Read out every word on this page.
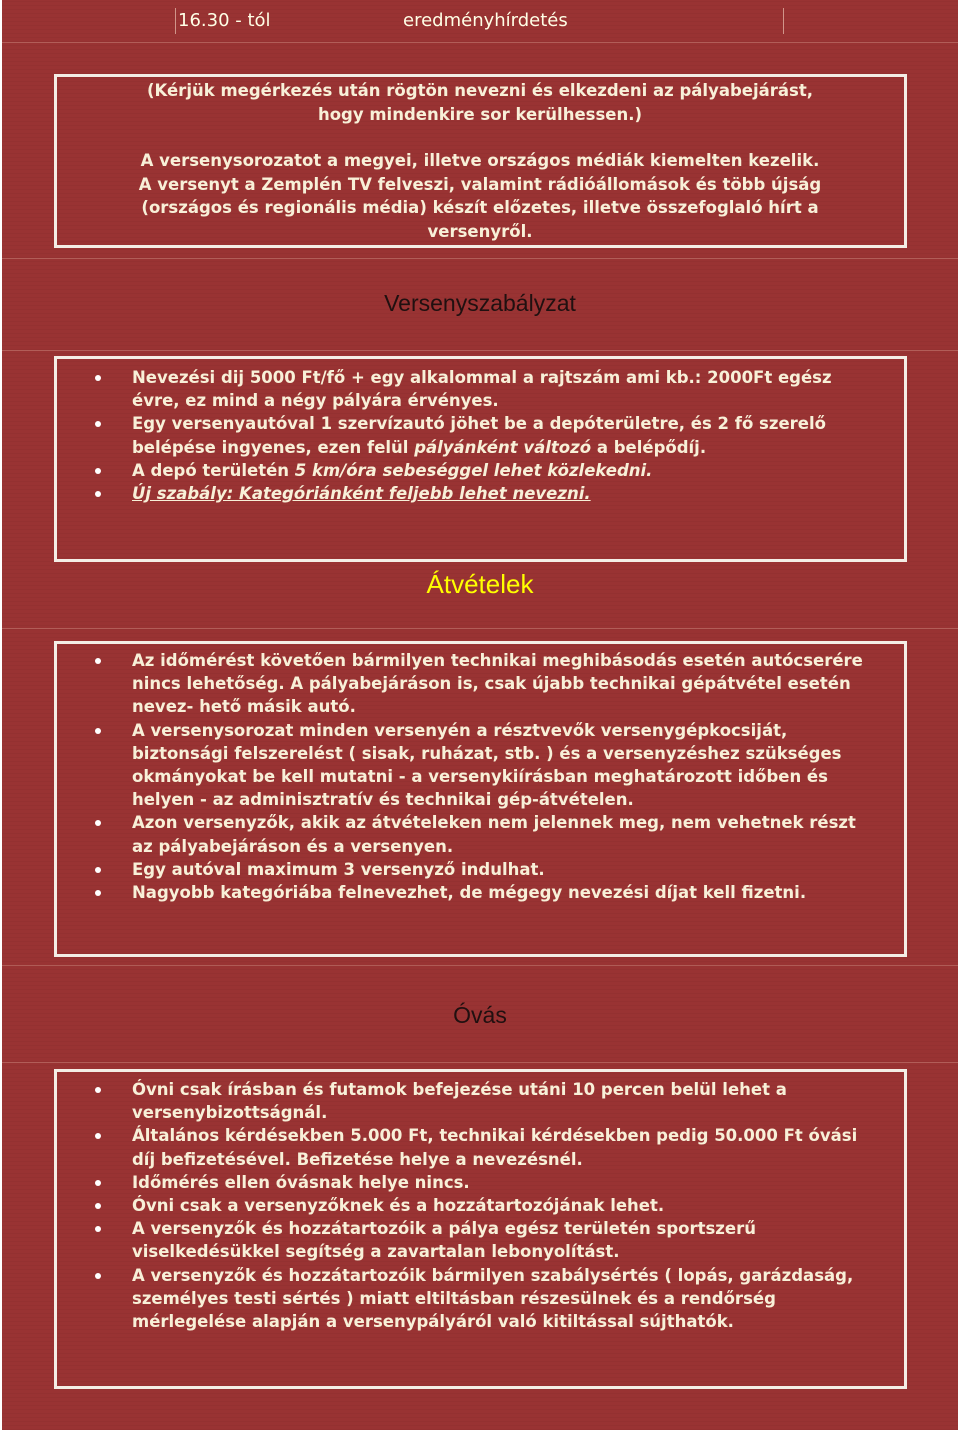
16.30 - tól	eredményhírdetés
(Kérjük megérkezés után rögtön nevezni és elkezdeni az pályabejárást,
hogy mindenkire sor kerülhessen.)
A versenysorozatot a megyei, illetve országos médiák kiemelten kezelik.
A versenyt a Zemplén TV felveszi, valamint rádióállomások és több újság
(országos és regionális média) készít előzetes, illetve összefoglaló hírt a
versenyről.
Versenyszabályzat
Nevezési dij 5000 Ft/fő + egy alkalommal a rajtszám ami kb.: 2000Ft egész évre, ez mind a négy pályára érvényes.
Egy versenyautóval 1 szervízautó jöhet be a depóterületre, és 2 fő szerelő belépése ingyenes, ezen felül pályánként változó a belépődíj.
A depó területén 5 km/óra sebeséggel lehet közlekedni.
Új szabály: Kategóriánként feljebb lehet nevezni.
Átvételek
Az időmérést követően bármilyen technikai meghibásodás esetén autócserére nincs lehetőség. A pályabejáráson is, csak újabb technikai gépátvétel esetén nevez- hető másik autó.
A versenysorozat minden versenyén a résztvevők versenygépkocsiját, biztonsági felszerelést ( sisak, ruházat, stb. ) és a versenyzéshez szükséges okmányokat be kell mutatni - a versenykiírásban meghatározott időben és helyen - az adminisztratív és technikai gép-átvételen.
Azon versenyzők, akik az átvételeken nem jelennek meg, nem vehetnek részt az pályabejáráson és a versenyen.
Egy autóval maximum 3 versenyző indulhat.
Nagyobb kategóriába felnevezhet, de mégegy nevezési díjat kell fizetni.
Óvás
Óvni csak írásban és futamok befejezése utáni 10 percen belül lehet a versenybizottságnál.
Általános kérdésekben 5.000 Ft, technikai kérdésekben pedig 50.000 Ft óvási díj befizetésével. Befizetése helye a nevezésnél.
Időmérés ellen óvásnak helye nincs.
Óvni csak a versenyzőknek és a hozzátartozójának lehet.
A versenyzők és hozzátartozóik a pálya egész területén sportszerű viselkedésükkel segítség a zavartalan lebonyolítást.
A versenyzők és hozzátartozóik bármilyen szabálysértés ( lopás, garázdaság, személyes testi sértés ) miatt eltiltásban részesülnek és a rendőrség mérlegelése alapján a versenypályáról való kitiltással sújthatók.
